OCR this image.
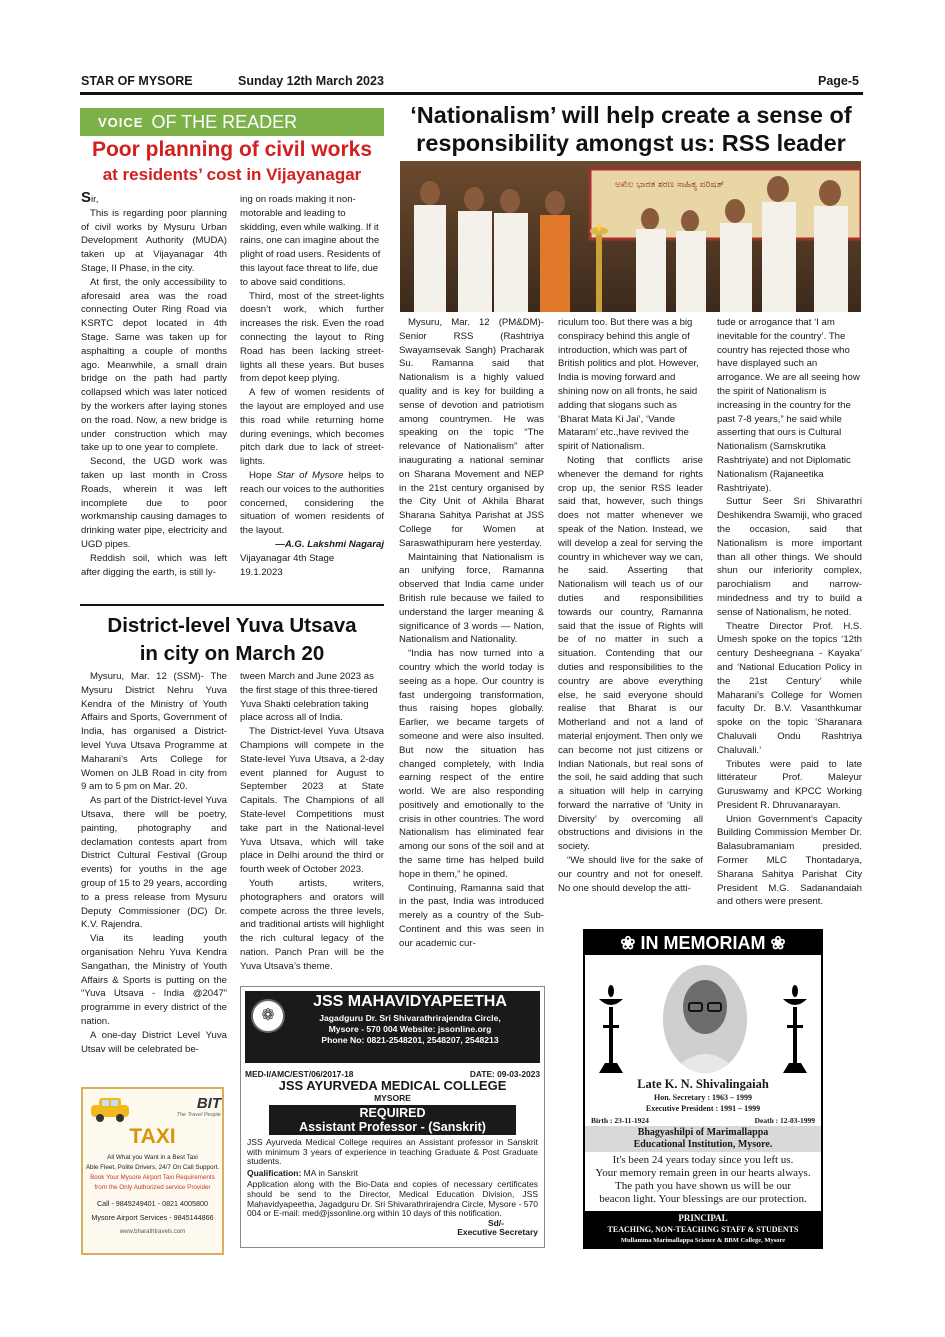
STAR OF MYSORE	Sunday 12th March 2023	Page-5
VOICE OF THE READER
Poor planning of civil works
at residents’ cost in Vijayanagar

Sir,

This is regarding poor planning of civil works by Mysuru Urban Development Authority (MUDA) taken up at Vijayanagar 4th Stage, II Phase, in the city.

At first, the only accessibility to aforesaid area was the road connecting Outer Ring Road via KSRTC depot located in 4th Stage. Same was taken up for asphalting a couple of months ago. Meanwhile, a small drain bridge on the path had partly collapsed which was later noticed by the workers after laying stones on the road. Now, a new bridge is under construction which may take up to one year to complete.

Second, the UGD work was taken up last month in Cross Roads, wherein it was left incomplete due to poor workmanship causing damages to drinking water pipe, electricity and UGD pipes.

Reddish soil, which was left after digging the earth, is still ly-

ing on roads making it non-motorable and leading to skidding, even while walking. If it rains, one can imagine about the plight of road users. Residents of this layout face threat to life, due to above said conditions.

Third, most of the street-lights doesn’t work, which further increases the risk. Even the road connecting the layout to Ring Road has been lacking street-lights all these years. But buses from depot keep plying.

A few of women residents of the layout are employed and use this road while returning home during evenings, which becomes pitch dark due to lack of street-lights.

Hope Star of Mysore helps to reach our voices to the authorities concerned, considering the situation of women residents of the layout.

—A.G. Lakshmi Nagaraj

Vijayanagar 4th Stage

19.1.2023

District-level Yuva Utsava
in city on March 20

Mysuru, Mar. 12 (SSM)- The Mysuru District Nehru Yuva Kendra of the Ministry of Youth Affairs and Sports, Government of India, has organised a District-level Yuva Utsava Programme at Maharani’s Arts College for Women on JLB Road in city from 9 am to 5 pm on Mar. 20.

As part of the District-level Yuva Utsava, there will be poetry, painting, photography and declamation contests apart from District Cultural Festival (Group events) for youths in the age group of 15 to 29 years, according to a press release from Mysuru Deputy Commissioner (DC) Dr. K.V. Rajendra.

Via its leading youth organisation Nehru Yuva Kendra Sangathan, the Ministry of Youth Affairs & Sports is putting on the “Yuva Utsava - India @2047” programme in every district of the nation.

A one-day District Level Yuva Utsav will be celebrated be-

tween March and June 2023 as the first stage of this three-tiered Yuva Shakti celebration taking place across all of India.

The District-level Yuva Utsava Champions will compete in the State-level Yuva Utsava, a 2-day event planned for August to September 2023 at State Capitals. The Champions of all State-level Competitions must take part in the National-level Yuva Utsava, which will take place in Delhi around the third or fourth week of October 2023.

Youth artists, writers, photographers and orators will compete across the three levels, and traditional artists will highlight the rich cultural legacy of the nation. Panch Pran will be the Yuva Utsava’s theme.

BIT
The Travel People
TAXI
All What you Want in a Best Taxi
Able Fleet, Polite Drivers, 24/7 On Call Support.
Book Your Mysore Airport Taxi Requirements
from the Only Authorized service Provider
Call - 9845249401 - 0821 4005800
Mysore Airport Services - 9845144866
www.bharathtravels.com
‘Nationalism’ will help create a sense of
responsibility amongst us: RSS leader
ಅಖಿಲ ಭಾರತ ಶರಣ ಸಾಹಿತ್ಯ ಪರಿಷತ್

Mysuru, Mar. 12 (PM&DM)- Senior RSS (Rashtriya Swayamsevak Sangh) Pracharak Su. Ramanna said that Nationalism is a highly valued quality and is key for building a sense of devotion and patriotism among countrymen. He was speaking on the topic “The relevance of Nationalism” after inaugurating a national seminar on Sharana Movement and NEP in the 21st century organised by the City Unit of Akhila Bharat Sharana Sahitya Parishat at JSS College for Women at Saraswathipuram here yesterday.

Maintaining that Nationalism is an unifying force, Ramanna observed that India came under British rule because we failed to understand the larger meaning & significance of 3 words — Nation, Nationalism and Nationality.

“India has now turned into a country which the world today is seeing as a hope. Our country is fast undergoing transformation, thus raising hopes globally. Earlier, we became targets of someone and were also insulted. But now the situation has changed completely, with India earning respect of the entire world. We are also responding positively and emotionally to the crisis in other countries. The word Nationalism has eliminated fear among our sons of the soil and at the same time has helped build hope in them,” he opined.

Continuing, Ramanna said that in the past, India was introduced merely as a country of the Sub-Continent and this was seen in our academic cur-

riculum too. But there was a big conspiracy behind this angle of introduction, which was part of British politics and plot. However, India is moving forward and shining now on all fronts, he said adding that slogans such as ‘Bharat Mata Ki Jai’, ‘Vande Mataram’ etc.,have revived the spirit of Nationalism.

Noting that conflicts arise whenever the demand for rights crop up, the senior RSS leader said that, however, such things does not matter whenever we speak of the Nation. Instead, we will develop a zeal for serving the country in whichever way we can, he said. Asserting that Nationalism will teach us of our duties and responsibilities towards our country, Ramanna said that the issue of Rights will be of no matter in such a situation. Contending that our duties and responsibilities to the country are above everything else, he said everyone should realise that Bharat is our Motherland and not a land of material enjoyment. Then only we can become not just citizens or Indian Nationals, but real sons of the soil, he said adding that such a situation will help in carrying forward the narrative of ‘Unity in Diversity’ by overcoming all obstructions and divisions in the society.

“We should live for the sake of our country and not for oneself. No one should develop the atti-

tude or arrogance that ‘I am inevitable for the country’. The country has rejected those who have displayed such an arrogance. We are all seeing how the spirit of Nationalism is increasing in the country for the past 7-8 years,” he said while asserting that ours is Cultural Nationalism (Samskrutika Rashtriyate) and not Diplomatic Nationalism (Rajaneetika Rashtriyate).

Suttur Seer Sri Shivarathri Deshikendra Swamiji, who graced the occasion, said that Nationalism is more important than all other things. We should shun our inferiority complex, parochialism and narrow-mindedness and try to build a sense of Nationalism, he noted.

Theatre Director Prof. H.S. Umesh spoke on the topics ‘12th century Desheegnana - Kayaka’ and ‘National Education Policy in the 21st Century’ while Maharani’s College for Women faculty Dr. B.V. Vasanthkumar spoke on the topic ‘Sharanara Chaluvali Ondu Rashtriya Chaluvali.’

Tributes were paid to late littérateur Prof. Maleyur Guruswamy and KPCC Working President R. Dhruvanarayan.

Union Government’s Capacity Building Commission Member Dr. Balasubramaniam presided. Former MLC Thontadarya, Sharana Sahitya Parishat City President M.G. Sadanandaiah and others were present.

❁
JSS MAHAVIDYAPEETHA
Jagadguru Dr. Sri Shivarathrirajendra Circle,
Mysore - 570 004 Website: jssonline.org
Phone No: 0821-2548201, 2548207, 2548213
MED-I/AMC/EST/06/2017-18	DATE: 09-03-2023
JSS AYURVEDA MEDICAL COLLEGE
MYSORE
REQUIRED
Assistant Professor - (Sanskrit)
JSS Ayurveda Medical College requires an Assistant professor in Sanskrit with minimum 3 years of experience in teaching Graduate & Post Graduate students.
Qualification: MA in Sanskrit
Application along with the Bio-Data and copies of necessary certificates should be send to the Director, Medical Education Division, JSS Mahavidyapeetha, Jagadguru Dr. Sri Shivarathrirajendra Circle, Mysore - 570 004 or E-mail: med@jssonline.org within 10 days of this notification.
Sd/-
Executive Secretary
❀ IN MEMORIAM ❀
Late K. N. Shivalingaiah
Hon. Secretary : 1963 – 1999
Executive President : 1991 – 1999
Birth : 23-11-1924	Death : 12-03-1999
Bhagyashilpi of Marimallappa
Educational Institution, Mysore.
It's been 24 years today since you left us.
Your memory remain green in our hearts always.
The path you have shown us will be our
beacon light. Your blessings are our protection.
PRINCIPAL
TEACHING, NON-TEACHING STAFF & STUDENTS
Mullamma Marimallappa Science & BBM College, Mysore
